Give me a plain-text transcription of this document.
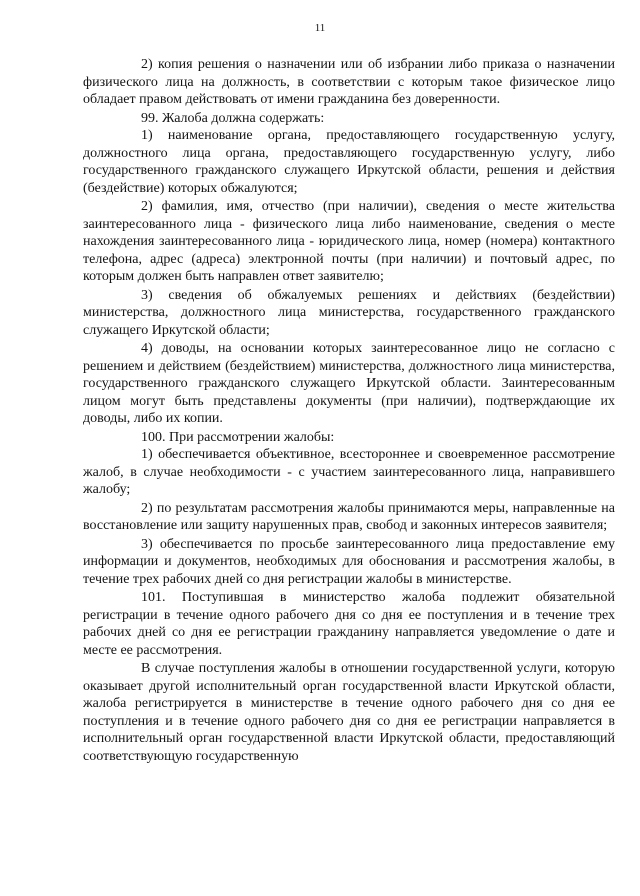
11

2) копия решения о назначении или об избрании либо приказа о назначении физического лица на должность, в соответствии с которым такое физическое лицо обладает правом действовать от имени гражданина без доверенности.

99. Жалоба должна содержать:

1) наименование органа, предоставляющего государственную услугу, должностного лица органа, предоставляющего государственную услугу, либо государственного гражданского служащего Иркутской области, решения и действия (бездействие) которых обжалуются;

2) фамилия, имя, отчество (при наличии), сведения о месте жительства заинтересованного лица - физического лица либо наименование, сведения о месте нахождения заинтересованного лица - юридического лица, номер (номера) контактного телефона, адрес (адреса) электронной почты (при наличии) и почтовый адрес, по которым должен быть направлен ответ заявителю;

3) сведения об обжалуемых решениях и действиях (бездействии) министерства, должностного лица министерства, государственного гражданского служащего Иркутской области;

4) доводы, на основании которых заинтересованное лицо не согласно с решением и действием (бездействием) министерства, должностного лица министерства, государственного гражданского служащего Иркутской области. Заинтересованным лицом могут быть представлены документы (при наличии), подтверждающие их доводы, либо их копии.

100. При рассмотрении жалобы:

1) обеспечивается объективное, всестороннее и своевременное рассмотрение жалоб, в случае необходимости - с участием заинтересованного лица, направившего жалобу;

2) по результатам рассмотрения жалобы принимаются меры, направленные на восстановление или защиту нарушенных прав, свобод и законных интересов заявителя;

3) обеспечивается по просьбе заинтересованного лица предоставление ему информации и документов, необходимых для обоснования и рассмотрения жалобы, в течение трех рабочих дней со дня регистрации жалобы в министерстве.

101. Поступившая в министерство жалоба подлежит обязательной регистрации в течение одного рабочего дня со дня ее поступления и в течение трех рабочих дней со дня ее регистрации гражданину направляется уведомление о дате и месте ее рассмотрения.

В случае поступления жалобы в отношении государственной услуги, которую оказывает другой исполнительный орган государственной власти Иркутской области, жалоба регистрируется в министерстве в течение одного рабочего дня со дня ее поступления и в течение одного рабочего дня со дня ее регистрации направляется в исполнительный орган государственной власти Иркутской области, предоставляющий соответствующую государственную
